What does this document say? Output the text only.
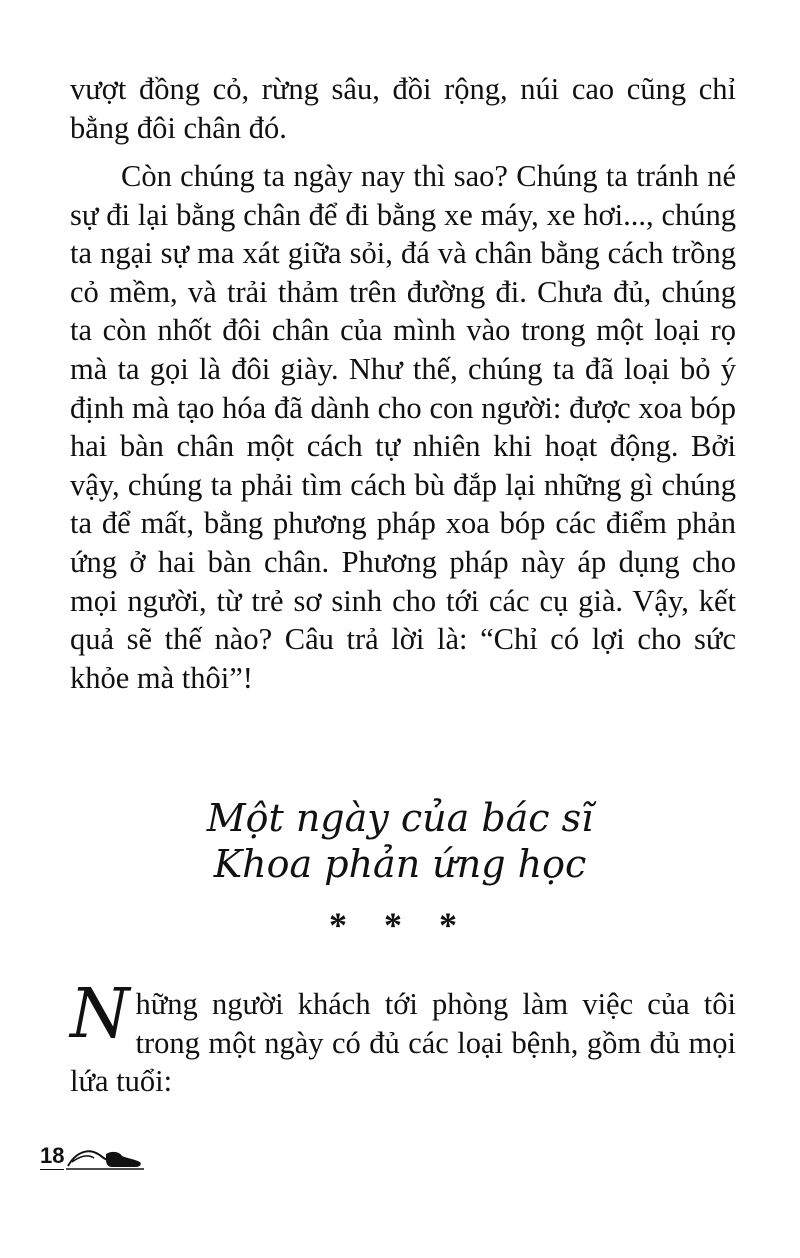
vượt đồng cỏ, rừng sâu, đồi rộng, núi cao cũng chỉ bằng đôi chân đó.

Còn chúng ta ngày nay thì sao? Chúng ta tránh né sự đi lại bằng chân để đi bằng xe máy, xe hơi..., chúng ta ngại sự ma xát giữa sỏi, đá và chân bằng cách trồng cỏ mềm, và trải thảm trên đường đi. Chưa đủ, chúng ta còn nhốt đôi chân của mình vào trong một loại rọ mà ta gọi là đôi giày. Như thế, chúng ta đã loại bỏ ý định mà tạo hóa đã dành cho con người: được xoa bóp hai bàn chân một cách tự nhiên khi hoạt động. Bởi vậy, chúng ta phải tìm cách bù đắp lại những gì chúng ta để mất, bằng phương pháp xoa bóp các điểm phản ứng ở hai bàn chân. Phương pháp này áp dụng cho mọi người, từ trẻ sơ sinh cho tới các cụ già. Vậy, kết quả sẽ thế nào? Câu trả lời là: “Chỉ có lợi cho sức khỏe mà thôi”!

Một ngày của bác sĩ
Khoa phản ứng học
* * *

Những người khách tới phòng làm việc của tôi trong một ngày có đủ các loại bệnh, gồm đủ mọi lứa tuổi:

18
